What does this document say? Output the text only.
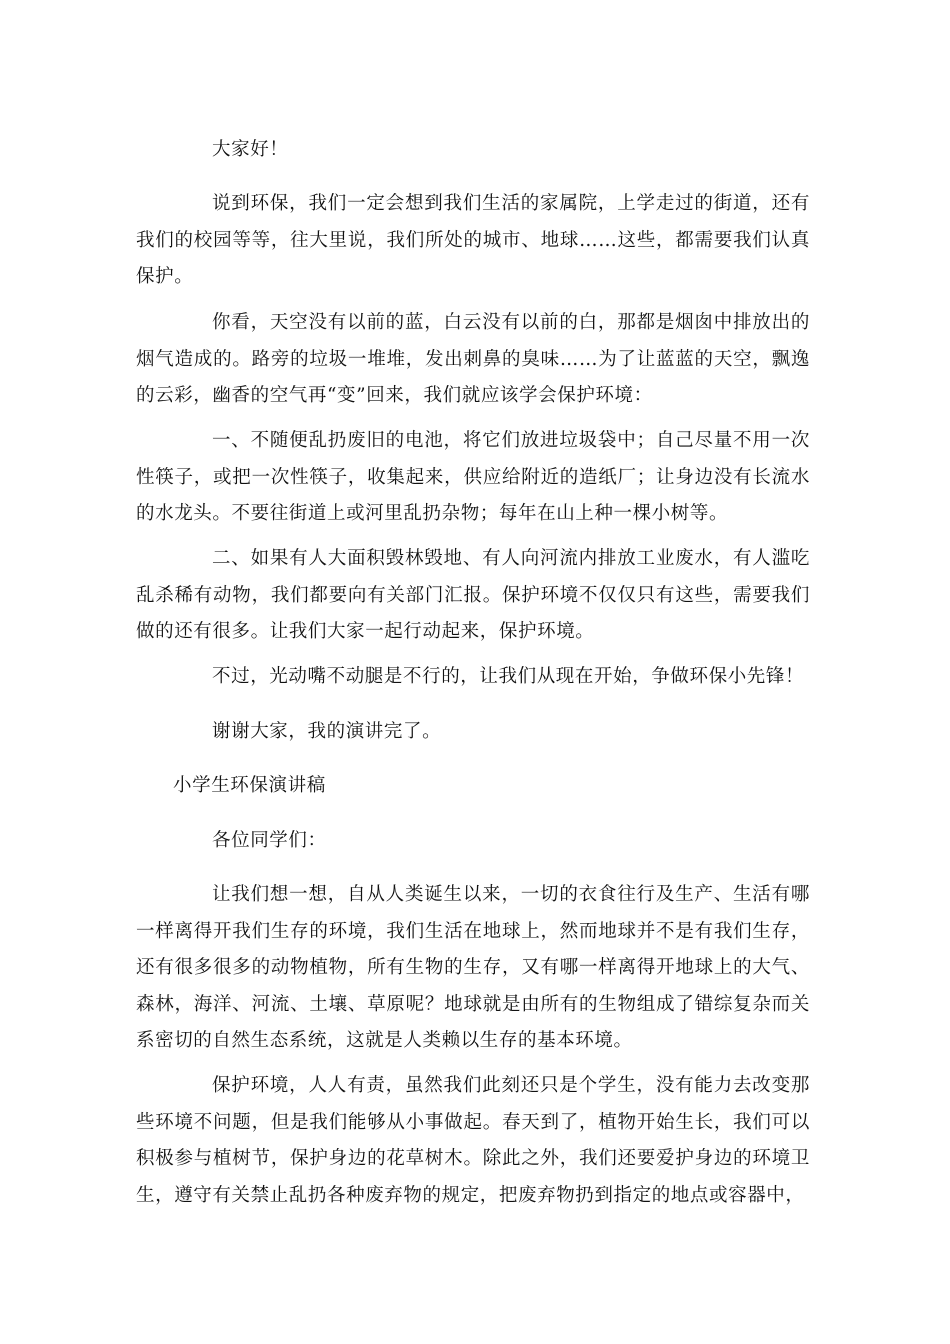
大家好！

说到环保，我们一定会想到我们生活的家属院，上学走过的街道，还有我们的校园等等，往大里说，我们所处的城市、地球……这些，都需要我们认真保护。

你看，天空没有以前的蓝，白云没有以前的白，那都是烟囱中排放出的烟气造成的。路旁的垃圾一堆堆，发出刺鼻的臭味……为了让蓝蓝的天空，飘逸的云彩，幽香的空气再“变”回来，我们就应该学会保护环境：

一、不随便乱扔废旧的电池，将它们放进垃圾袋中；自己尽量不用一次性筷子，或把一次性筷子，收集起来，供应给附近的造纸厂；让身边没有长流水的水龙头。不要往街道上或河里乱扔杂物；每年在山上种一棵小树等。

二、如果有人大面积毁林毁地、有人向河流内排放工业废水，有人滥吃乱杀稀有动物，我们都要向有关部门汇报。保护环境不仅仅只有这些，需要我们做的还有很多。让我们大家一起行动起来，保护环境。

不过，光动嘴不动腿是不行的，让我们从现在开始，争做环保小先锋！

谢谢大家，我的演讲完了。

小学生环保演讲稿

各位同学们：

让我们想一想，自从人类诞生以来，一切的衣食往行及生产、生活有哪一样离得开我们生存的环境，我们生活在地球上，然而地球并不是有我们生存，还有很多很多的动物植物，所有生物的生存，又有哪一样离得开地球上的大气、森林，海洋、河流、土壤、草原呢？地球就是由所有的生物组成了错综复杂而关系密切的自然生态系统，这就是人类赖以生存的基本环境。

保护环境，人人有责，虽然我们此刻还只是个学生，没有能力去改变那些环境不问题，但是我们能够从小事做起。春天到了，植物开始生长，我们可以积极参与植树节，保护身边的花草树木。除此之外，我们还要爱护身边的环境卫生，遵守有关禁止乱扔各种废弃物的规定，把废弃物扔到指定的地点或容器中，
